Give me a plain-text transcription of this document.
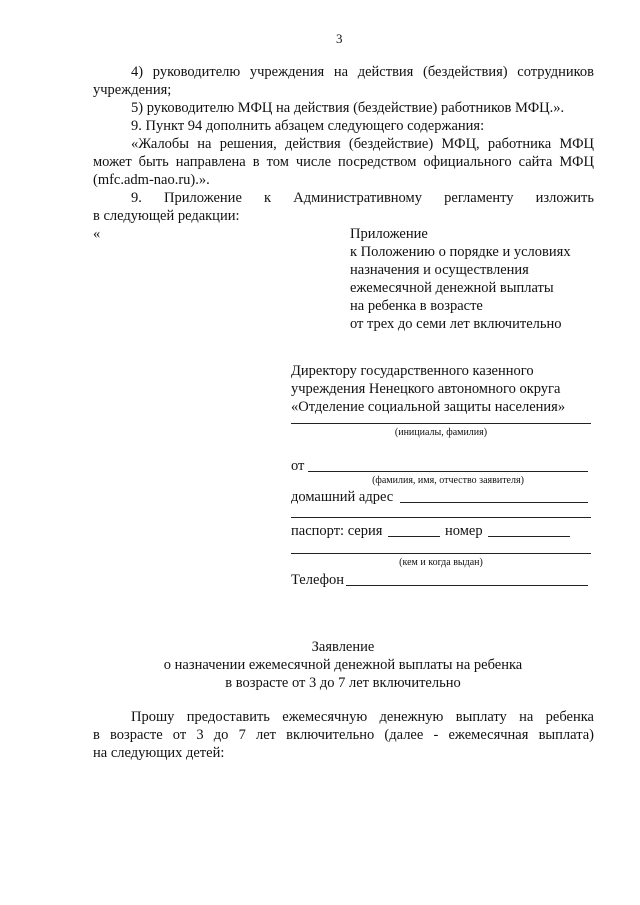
3
4) руководителю учреждения на действия (бездействия) сотрудников
учреждения;
5) руководителю МФЦ на действия (бездействие) работников МФЦ.».
9. Пункт 94 дополнить абзацем следующего содержания:
«Жалобы на решения, действия (бездействие) МФЦ, работника МФЦ
может быть направлена в том числе посредством официального сайта МФЦ
(mfc.adm-nao.ru).».
9. Приложение к Административному регламенту изложить
в следующей редакции:
«	Приложение
к Положению о порядке и условиях
назначения и осуществления
ежемесячной денежной выплаты
на ребенка в возрасте
от трех до семи лет включительно
Директору государственного казенного
учреждения Ненецкого автономного округа
«Отделение социальной защиты населения»
(инициалы, фамилия)
от
(фамилия, имя, отчество заявителя)
домашний адрес
паспорт: серия	номер
(кем и когда выдан)
Телефон
Заявление
о назначении ежемесячной денежной выплаты на ребенка
в возрасте от 3 до 7 лет включительно
Прошу предоставить ежемесячную денежную выплату на ребенка
в возрасте от 3 до 7 лет включительно (далее - ежемесячная выплата)
на следующих детей:
